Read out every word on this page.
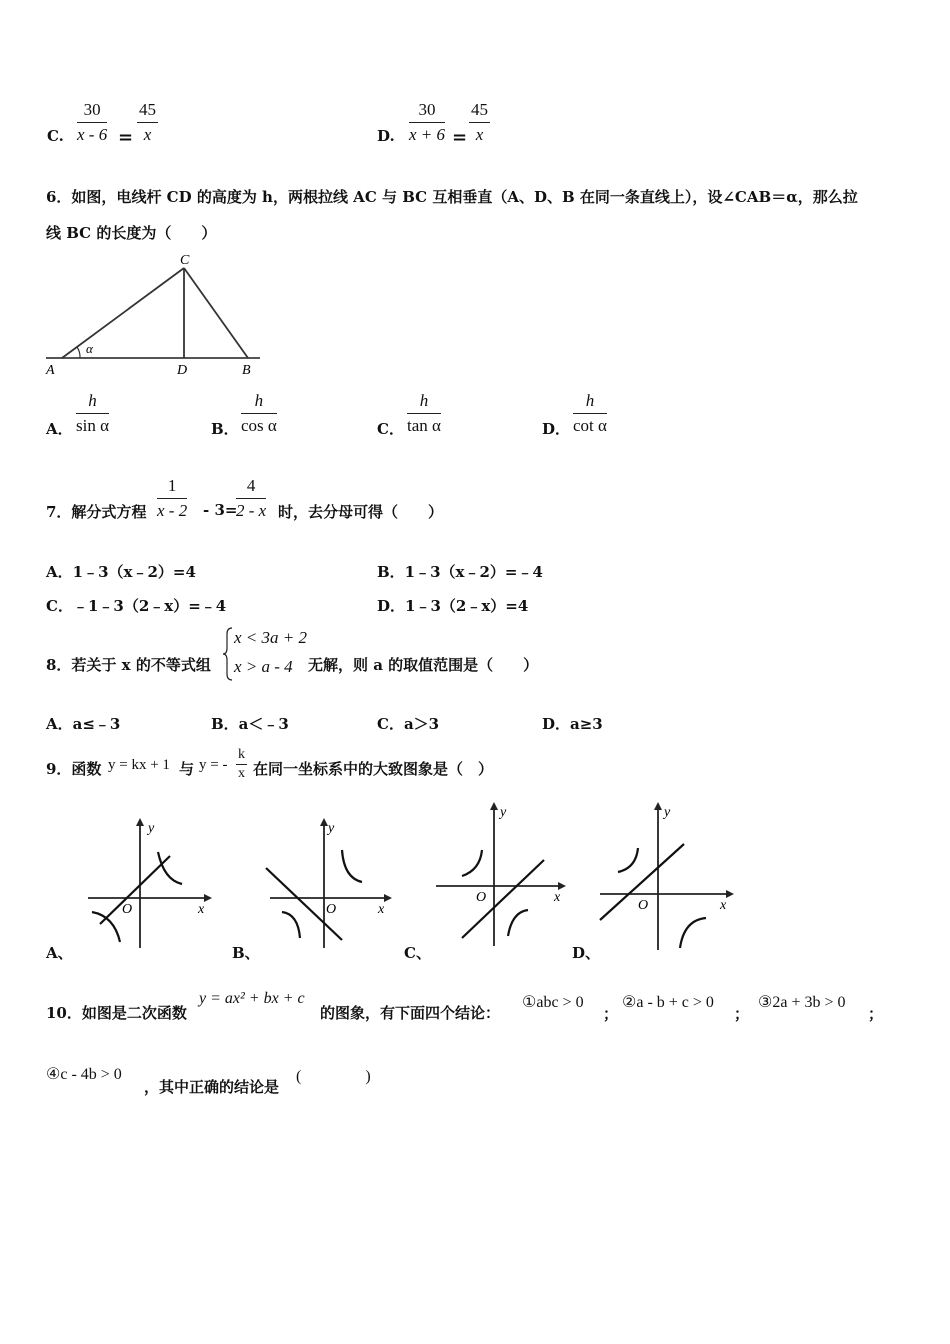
C.
30
x - 6 =
45
x	D.
30
x + 6 =
45
x
6．如图，电线杆 CD 的高度为 h，两根拉线 AC 与 BC 互相垂直（A、D、B 在同一条直线上），设∠CAB＝α，那么拉
线 BC 的长度为（　　）
C
A	D	B
α
A．
h
sin α	B．
h
cos α	C．
h
tan α	D．
h
cot α
7．解分式方程
1
x - 2 - 3=
4
2 - x 时，去分母可得（　　）
A．1﹣3（x﹣2）=4	B．1﹣3（x﹣2）=﹣4
C．﹣1﹣3（2﹣x）=﹣4	D．1﹣3（2﹣x）=4
8．若关于 x 的不等式组
x < 3a + 2
x > a - 4 无解，则 a 的取值范围是（　　）
A．a≤﹣3	B．a＜﹣3	C．a＞3	D．a≥3
9．函数 y = kx + 1 与 y = -
k
x 在同一坐标系中的大致图象是（　）
y
x
O
A、
y
x
O
B、
y
x
O
C、
y
x
O
D、
10．如图是二次函数
y = ax² + bx + c
的图象，有下面四个结论：
①abc > 0
；
②a - b + c > 0
；
③2a + 3b > 0
；
④c - 4b > 0
，其中正确的结论是
(　　　　)
